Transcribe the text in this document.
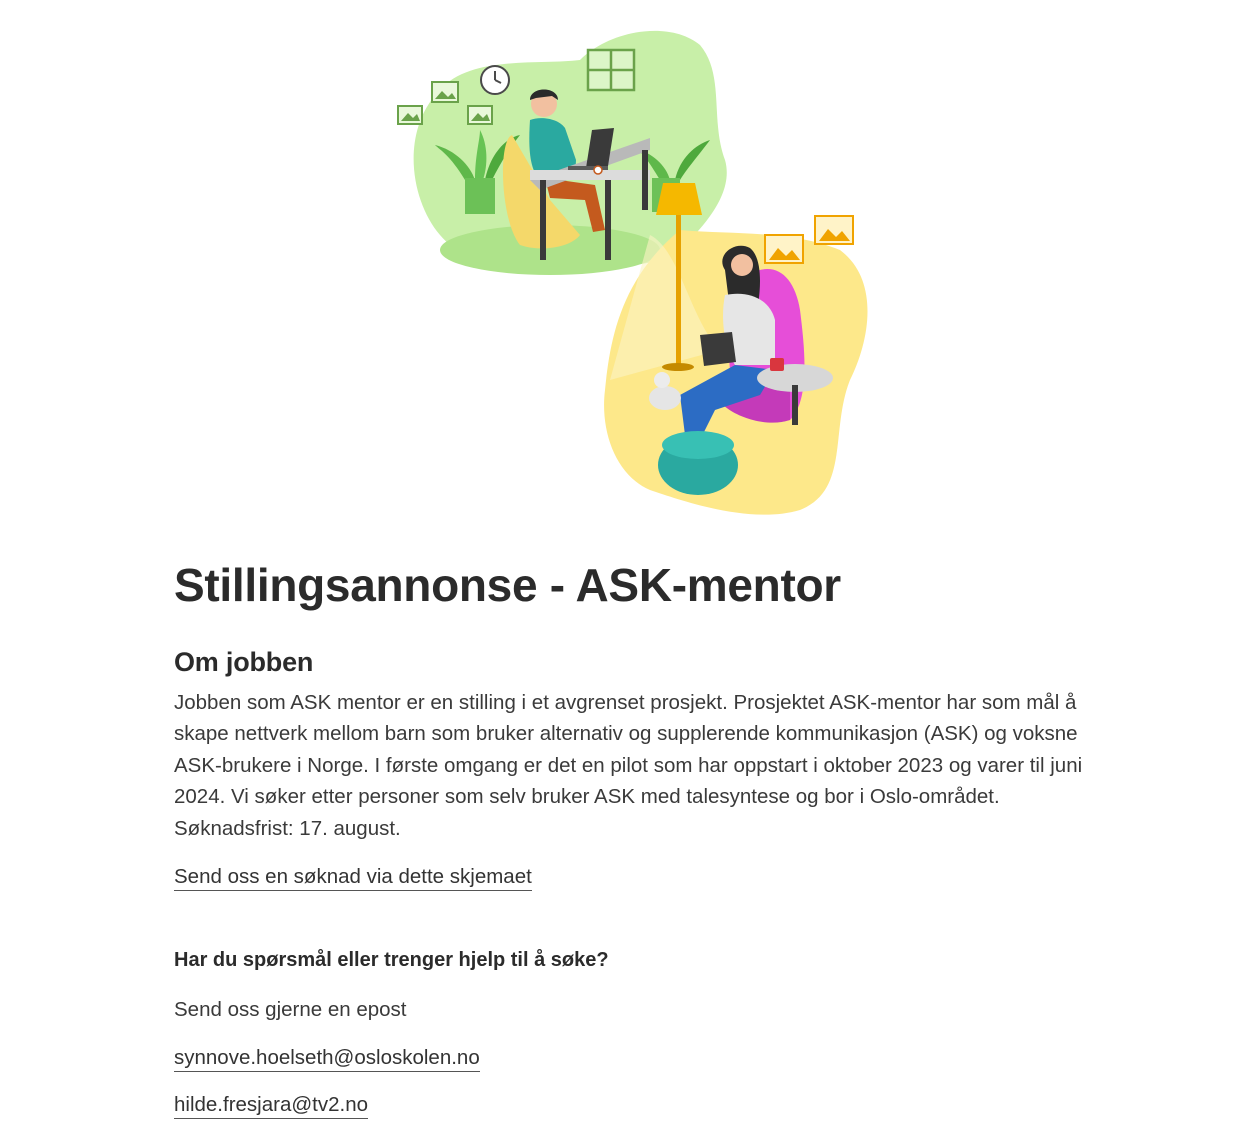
Stillingsannonse - ASK-mentor
Om jobben

Jobben som ASK mentor er en stilling i et avgrenset prosjekt. Prosjektet ASK-mentor har som mål å skape nettverk mellom barn som bruker alternativ og supplerende kommunikasjon (ASK) og voksne ASK-brukere i Norge. I første omgang er det en pilot som har oppstart i oktober 2023 og varer til juni 2024. Vi søker etter personer som selv bruker ASK med talesyntese og bor i Oslo-området. Søknadsfrist: 17. august.

Send oss en søknad via dette skjemaet
Har du spørsmål eller trenger hjelp til å søke?

Send oss gjerne en epost

synnove.hoelseth@osloskolen.no
hilde.fresjara@tv2.no
